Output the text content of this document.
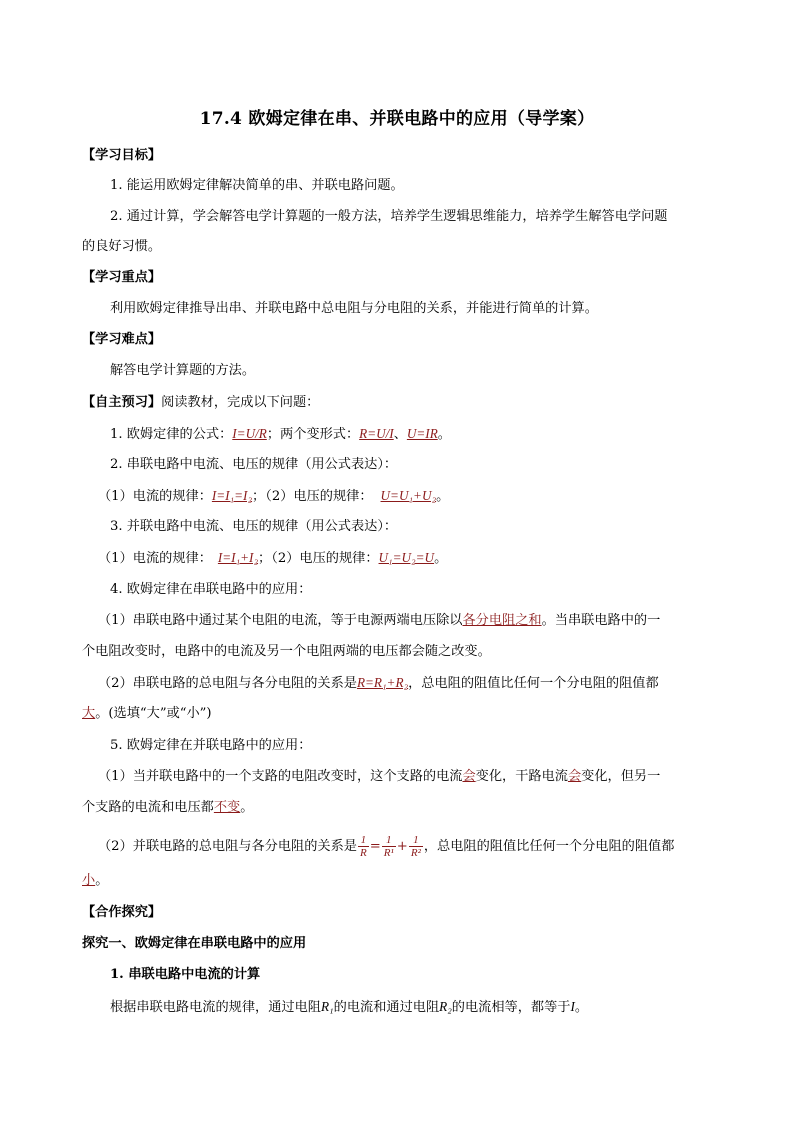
17.4 欧姆定律在串、并联电路中的应用（导学案）
【学习目标】
1. 能运用欧姆定律解决简单的串、并联电路问题。
2. 通过计算，学会解答电学计算题的一般方法，培养学生逻辑思维能力，培养学生解答电学问题
的良好习惯。
【学习重点】
利用欧姆定律推导出串、并联电路中总电阻与分电阻的关系，并能进行简单的计算。
【学习难点】
解答电学计算题的方法。
【自主预习】阅读教材，完成以下问题：
1. 欧姆定律的公式：I=U/R；两个变形式：R=U/I、U=IR。
2. 串联电路中电流、电压的规律（用公式表达）：
（1）电流的规律：I=I₁=I₂；（2）电压的规律： U=U₁+U₂。
3. 并联电路中电流、电压的规律（用公式表达）：
（1）电流的规律： I=I₁+I₂；（2）电压的规律：U₁=U₂=U。
4. 欧姆定律在串联电路中的应用：
（1）串联电路中通过某个电阻的电流，等于电源两端电压除以各分电阻之和。当串联电路中的一
个电阻改变时，电路中的电流及另一个电阻两端的电压都会随之改变。
（2）串联电路的总电阻与各分电阻的关系是R=R₁+R₂，总电阻的阻值比任何一个分电阻的阻值都
大。(选填“大”或“小”)
5. 欧姆定律在并联电路中的应用：
（1）当并联电路中的一个支路的电阻改变时，这个支路的电流会变化，干路电流会变化，但另一
个支路的电流和电压都不变。
（2）并联电路的总电阻与各分电阻的关系是 $\frac{1}{R} = \frac{1}{\text{R¹}} + \frac{1}{\text{R²}}$ ，总电阻的阻值比任何一个分电阻的阻值都
小。
【合作探究】
探究一、欧姆定律在串联电路中的应用
1. 串联电路中电流的计算
根据串联电路电流的规律，通过电阻R₁的电流和通过电阻R₂的电流相等，都等于I。
